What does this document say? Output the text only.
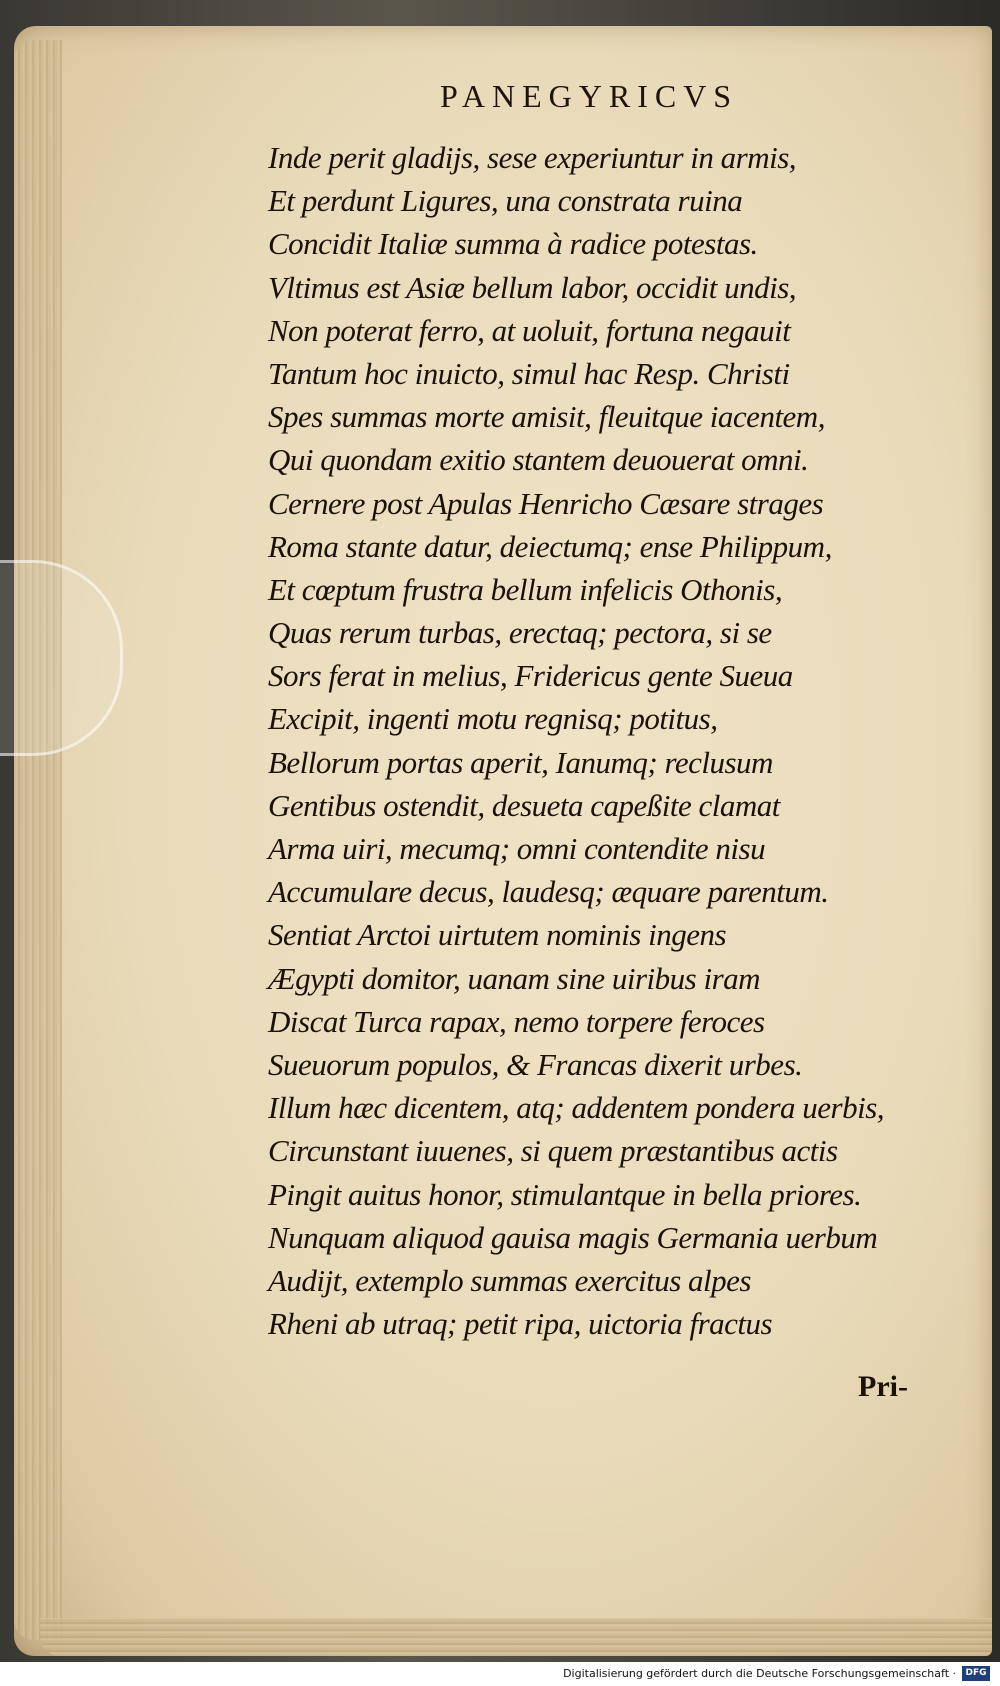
PANEGYRICVS
Inde perit gladijs, sese experiuntur in armis,
Et perdunt Ligures, una constrata ruina
Concidit Italiæ summa à radice potestas.
Vltimus est Asiæ bellum labor, occidit undis,
Non poterat ferro, at uoluit, fortuna negauit
Tantum hoc inuicto, simul hac Resp. Christi
Spes summas morte amisit, fleuitque iacentem,
Qui quondam exitio stantem deuouerat omni.
Cernere post Apulas Henricho Cæsare strages
Roma stante datur, deiectumq; ense Philippum,
Et cœptum frustra bellum infelicis Othonis,
Quas rerum turbas, erectaq; pectora, si se
Sors ferat in melius, Fridericus gente Sueua
Excipit, ingenti motu regnisq; potitus,
Bellorum portas aperit, Ianumq; reclusum
Gentibus ostendit, desueta capeßite clamat
Arma uiri, mecumq; omni contendite nisu
Accumulare decus, laudesq; æquare parentum.
Sentiat Arctoi uirtutem nominis ingens
Ægypti domitor, uanam sine uiribus iram
Discat Turca rapax, nemo torpere feroces
Sueuorum populos, & Francas dixerit urbes.
Illum hæc dicentem, atq; addentem pondera uerbis,
Circunstant iuuenes, si quem præstantibus actis
Pingit auitus honor, stimulantque in bella priores.
Nunquam aliquod gauisa magis Germania uerbum
Audijt, extemplo summas exercitus alpes
Rheni ab utraq; petit ripa, uictoria fractus
Pri-
Digitalisierung gefördert durch die Deutsche Forschungsgemeinschaft ·	DFG
